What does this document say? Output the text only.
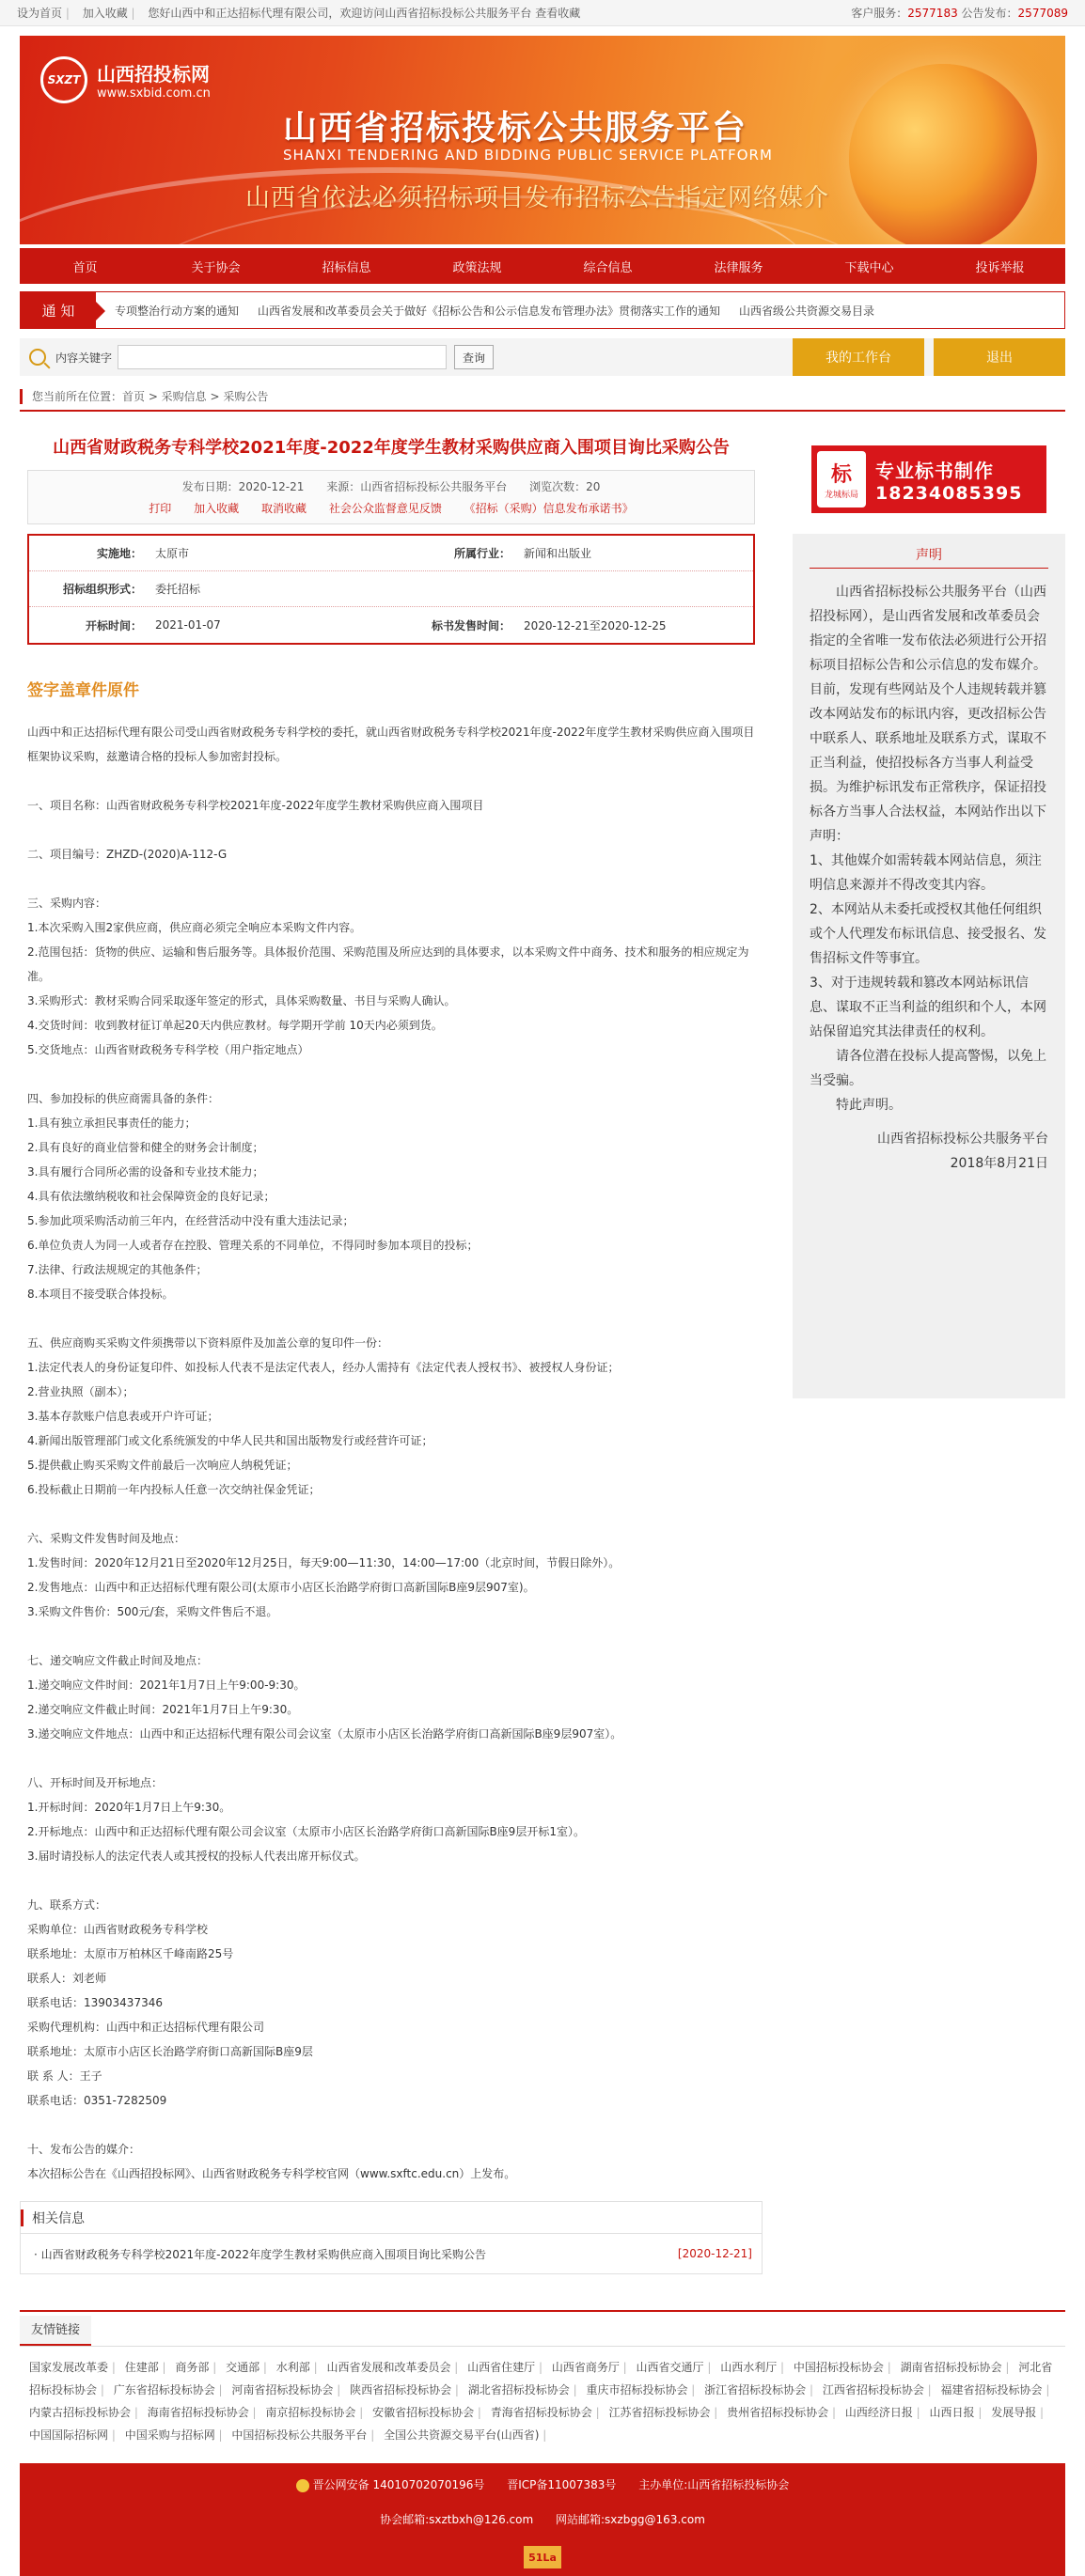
设为首页 | 加入收藏 | 您好山西中和正达招标代理有限公司，欢迎访问山西省招标投标公共服务平台 查看收藏	客户服务：2577183 公告发布：2577089
SXZT 山西招投标网
www.sxbid.com.cn
山西省招标投标公共服务平台
SHANXI TENDERING AND BIDDING PUBLIC SERVICE PLATFORM
山西省依法必须招标项目发布招标公告指定网络媒介
首页	关于协会	招标信息	政策法规	综合信息	法律服务	下载中心	投诉举报
通 知	专项整治行动方案的通知 山西省发展和改革委员会关于做好《招标公告和公示信息发布管理办法》贯彻落实工作的通知 山西省级公共资源交易目录
内容关键字	查询	我的工作台	退出
您当前所在位置：首页 > 采购信息 > 采购公告
山西省财政税务专科学校2021年度-2022年度学生教材采购供应商入围项目询比采购公告
发布日期：2020-12-21 来源：山西省招标投标公共服务平台 浏览次数：20
打印 加入收藏 取消收藏 社会公众监督意见反馈 《招标（采购）信息发布承诺书》
实施地：	太原市	所属行业：	新闻和出版业
招标组织形式：	委托招标
开标时间：	2021-01-07	标书发售时间：	2020-12-21至2020-12-25
签字盖章件原件

山西中和正达招标代理有限公司受山西省财政税务专科学校的委托，就山西省财政税务专科学校2021年度-2022年度学生教材采购供应商入围项目框架协议采购，兹邀请合格的投标人参加密封投标。

一、项目名称：山西省财政税务专科学校2021年度-2022年度学生教材采购供应商入围项目

二、项目编号：ZHZD-(2020)A-112-G

三、采购内容：

1.本次采购入围2家供应商，供应商必须完全响应本采购文件内容。

2.范围包括：货物的供应、运输和售后服务等。具体报价范围、采购范围及所应达到的具体要求，以本采购文件中商务、技术和服务的相应规定为准。

3.采购形式：教材采购合同采取逐年签定的形式，具体采购数量、书目与采购人确认。

4.交货时间：收到教材征订单起20天内供应教材。每学期开学前 10天内必须到货。

5.交货地点：山西省财政税务专科学校（用户指定地点）

四、参加投标的供应商需具备的条件：

1.具有独立承担民事责任的能力；

2.具有良好的商业信誉和健全的财务会计制度；

3.具有履行合同所必需的设备和专业技术能力；

4.具有依法缴纳税收和社会保障资金的良好记录；

5.参加此项采购活动前三年内，在经营活动中没有重大违法记录；

6.单位负责人为同一人或者存在控股、管理关系的不同单位，不得同时参加本项目的投标；

7.法律、行政法规规定的其他条件；

8.本项目不接受联合体投标。

五、供应商购买采购文件须携带以下资料原件及加盖公章的复印件一份：

1.法定代表人的身份证复印件、如投标人代表不是法定代表人，经办人需持有《法定代表人授权书》、被授权人身份证；

2.营业执照（副本）；

3.基本存款账户信息表或开户许可证；

4.新闻出版管理部门或文化系统颁发的中华人民共和国出版物发行或经营许可证；

5.提供截止购买采购文件前最后一次响应人纳税凭证；

6.投标截止日期前一年内投标人任意一次交纳社保金凭证；

六、采购文件发售时间及地点：

1.发售时间：2020年12月21日至2020年12月25日，每天9:00—11:30，14:00—17:00（北京时间，节假日除外）。

2.发售地点：山西中和正达招标代理有限公司(太原市小店区长治路学府街口高新国际B座9层907室)。

3.采购文件售价：500元/套，采购文件售后不退。

七、递交响应文件截止时间及地点：

1.递交响应文件时间：2021年1月7日上午9:00-9:30。

2.递交响应文件截止时间：2021年1月7日上午9:30。

3.递交响应文件地点：山西中和正达招标代理有限公司会议室（太原市小店区长治路学府街口高新国际B座9层907室）。

八、开标时间及开标地点：

1.开标时间：2020年1月7日上午9:30。

2.开标地点：山西中和正达招标代理有限公司会议室（太原市小店区长治路学府街口高新国际B座9层开标1室）。

3.届时请投标人的法定代表人或其授权的投标人代表出席开标仪式。

九、联系方式：

采购单位：山西省财政税务专科学校

联系地址：太原市万柏林区千峰南路25号

联系人：刘老师

联系电话：13903437346

采购代理机构：山西中和正达招标代理有限公司

联系地址：太原市小店区长治路学府街口高新国际B座9层

联 系 人：王子

联系电话：0351-7282509

十、发布公告的媒介：

本次招标公告在《山西招投标网》、山西省财政税务专科学校官网（www.sxftc.edu.cn）上发布。

相关信息
· 山西省财政税务专科学校2021年度-2022年度学生教材采购供应商入围项目询比采购公告	[2020-12-21]
标
龙城标局
专业标书制作
18234085395
声明

山西省招标投标公共服务平台（山西招投标网），是山西省发展和改革委员会指定的全省唯一发布依法必须进行公开招标项目招标公告和公示信息的发布媒介。目前，发现有些网站及个人违规转载并篡改本网站发布的标讯内容，更改招标公告中联系人、联系地址及联系方式，谋取不正当利益，使招投标各方当事人利益受损。为维护标讯发布正常秩序，保证招投标各方当事人合法权益，本网站作出以下声明：

1、其他媒介如需转载本网站信息，须注明信息来源并不得改变其内容。

2、本网站从未委托或授权其他任何组织或个人代理发布标讯信息、接受报名、发售招标文件等事宜。

3、对于违规转载和篡改本网站标讯信息、谋取不正当利益的组织和个人，本网站保留追究其法律责任的权利。

请各位潜在投标人提高警惕，以免上当受骗。

特此声明。

山西省招标投标公共服务平台

2018年8月21日

友情链接
国家发展改革委 | 住建部 | 商务部 | 交通部 | 水利部 | 山西省发展和改革委员会 | 山西省住建厅 | 山西省商务厅 | 山西省交通厅 | 山西水利厅 | 中国招标投标协会 | 湖南省招标投标协会 | 河北省招标投标协会 | 广东省招标投标协会 | 河南省招标投标协会 | 陕西省招标投标协会 | 湖北省招标投标协会 | 重庆市招标投标协会 | 浙江省招标投标协会 | 江西省招标投标协会 | 福建省招标投标协会 | 内蒙古招标投标协会 | 海南省招标投标协会 | 南京招标投标协会 | 安徽省招标投标协会 | 青海省招标投标协会 | 江苏省招标投标协会 | 贵州省招标投标协会 | 山西经济日报 | 山西日报 | 发展导报 | 中国国际招标网 | 中国采购与招标网 | 中国招标投标公共服务平台 | 全国公共资源交易平台(山西省) |
晋公网安备 14010702070196号 晋ICP备11007383号 主办单位:山西省招标投标协会
协会邮箱:sxztbxh@126.com 网站邮箱:sxzbgg@163.com
51La
